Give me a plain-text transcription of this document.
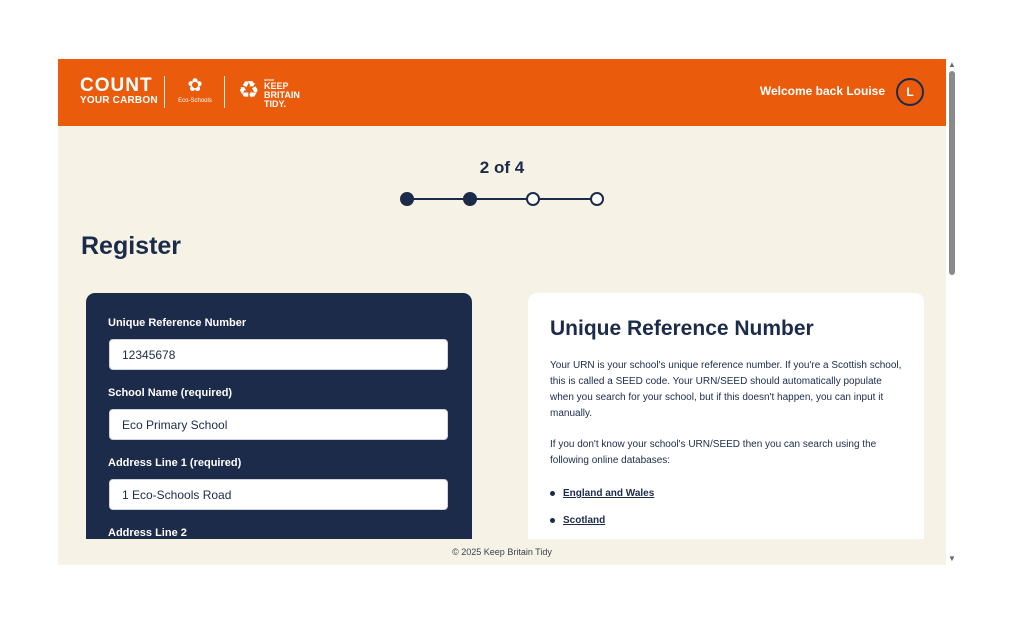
COUNT
YOUR CARBON
✿
Eco-Schools ♻ since
KEEP
BRITAIN
TIDY.
Welcome back Louise	L
2 of 4
Register
Unique Reference Number
12345678
School Name (required)
Eco Primary School
Address Line 1 (required)
1 Eco-Schools Road
Address Line 2
Unique Reference Number
Your URN is your school's unique reference number. If you're a Scottish school, this is called a SEED code. Your URN/SEED should automatically populate when you search for your school, but if this doesn't happen, you can input it manually.
If you don't know your school's URN/SEED then you can search using the following online databases:
England and Wales
Scotland
© 2025 Keep Britain Tidy
▲
▼
